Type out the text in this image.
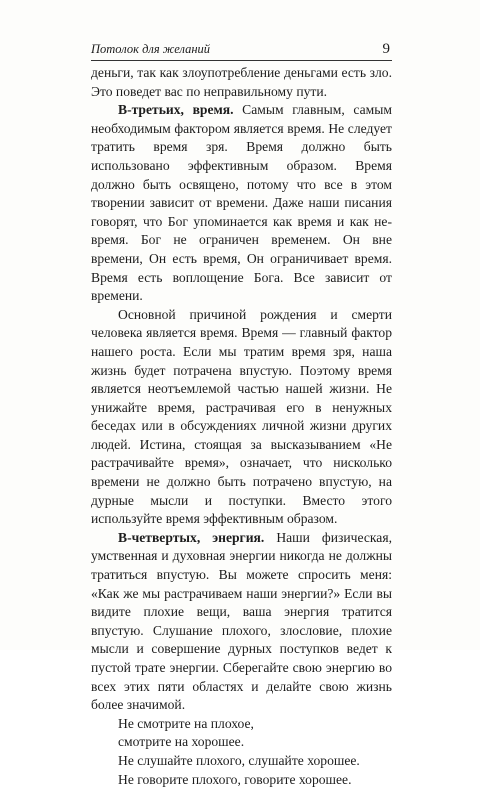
Потолок для желаний	9

деньги, так как злоупотребление деньгами есть зло. Это поведет вас по неправильному пути.

В-третьих, время. Самым главным, самым необходимым фактором является время. Не следует тратить время зря. Время должно быть использовано эффективным образом. Время должно быть освящено, потому что все в этом творении зависит от времени. Даже наши писания говорят, что Бог упоминается как время и как не-время. Бог не ограничен временем. Он вне времени, Он есть время, Он ограничивает время. Время есть воплощение Бога. Все зависит от времени.

Основной причиной рождения и смерти человека является время. Время — главный фактор нашего роста. Если мы тратим время зря, наша жизнь будет потрачена впустую. Поэтому время является неотъемлемой частью нашей жизни. Не унижайте время, растрачивая его в ненужных беседах или в обсуждениях личной жизни других людей. Истина, стоящая за высказыванием «Не растрачивайте время», означает, что нисколько времени не должно быть потрачено впустую, на дурные мысли и поступки. Вместо этого используйте время эффективным образом.

В-четвертых, энергия. Наши физическая, умственная и духовная энергии никогда не должны тратиться впустую. Вы можете спросить меня: «Как же мы растрачиваем наши энергии?» Если вы видите плохие вещи, ваша энергия тратится впустую. Слушание плохого, злословие, плохие мысли и совершение дурных поступков ведет к пустой трате энергии. Сберегайте свою энергию во всех этих пяти областях и делайте свою жизнь более значимой.

Не смотрите на плохое,

смотрите на хорошее.

Не слушайте плохого, слушайте хорошее.

Не говорите плохого, говорите хорошее.
